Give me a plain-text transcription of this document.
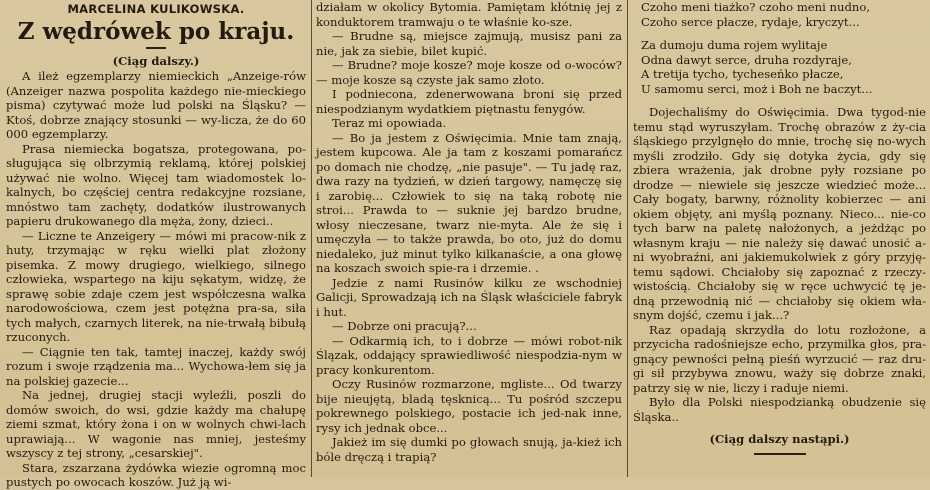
MARCELINA KULIKOWSKA.
Z wędrówek po kraju.
(Ciąg dalszy.)

A ileż egzemplarzy niemieckich „Anzeige-rów (Anzeiger nazwa pospolita każdego nie-mieckiego pisma) czytywać może lud polski na Śląsku? — Ktoś, dobrze znający stosunki — wy-licza, że do 60 000 egzemplarzy.

Prasa niemiecka bogatsza, protegowana, po-sługująca się olbrzymią reklamą, której polskiej używać nie wolno. Więcej tam wiadomostek lo-kalnych, bo częściej centra redakcyjne rozsiane, mnóstwo tam zachęty, dodatków ilustrowanych papieru drukowanego dla męża, żony, dzieci..

— Liczne te Anzeigery — mówi mi pracow-nik z huty, trzymając w ręku wielki plat złożony pisemka. Z mowy drugiego, wielkiego, silnego człowieka, wspartego na kiju sękatym, widzę, że sprawę sobie zdaje czem jest współczesna walka narodowościowa, czem jest potężna pra-sa, siła tych małych, czarnych literek, na nie-trwałą bibułą rzuconych.

— Ciągnie ten tak, tamtej inaczej, każdy swój rozum i swoje rządzenia ma... Wychowa-łem się ja na polskiej gazecie...

Na jednej, drugiej stacji wyleźli, poszli do domów swoich, do wsi, gdzie każdy ma chałupę ziemi szmat, który żona i on w wolnych chwi-lach uprawiają... W wagonie nas mniej, jesteśmy wszyscy z tej strony, „cesarskiej".

Stara, zszarzana żydówka wiezie ogromną moc pustych po owocach koszów. Już ją wi-

działam w okolicy Bytomia. Pamiętam kłótnię jej z konduktorem tramwaju o te właśnie ko-sze.

— Brudne są, miejsce zajmują, musisz pani za nie, jak za siebie, bilet kupić.

— Brudne? moje kosze? moje kosze od o-woców? — moje kosze są czyste jak samo złoto.

I podniecona, zdenerwowana broni się przed niespodzianym wydatkiem piętnastu fenygów.

Teraz mi opowiada.

— Bo ja jestem z Oświęcimia. Mnie tam znają, jestem kupcowa. Ale ja tam z koszami pomarańcz po domach nie chodzę, „nie pasuje". — Tu jadę raz, dwa razy na tydzień, w dzień targowy, namęczę się i zarobię... Człowiek to się na taką robotę nie stroi... Prawda to — suknie jej bardzo brudne, włosy nieczesane, twarz nie-myta. Ale że się i umęczyła — to także prawda, bo oto, już do domu niedaleko, już minut tylko kilkanaście, a ona głowę na koszach swoich spie-ra i drzemie. .

Jedzie z nami Rusinów kilku ze wschodniej Galicji, Sprowadzają ich na Śląsk właściciele fabryk i hut.

— Dobrze oni pracują?...

— Odkarmią ich, to i dobrze — mówi robot-nik Ślązak, oddający sprawiedliwość niespodzia-nym w pracy konkurentom.

Oczy Rusinów rozmarzone, mgliste... Od twarzy bije nieujętą, bladą tęsknicą... Tu pośród szczepu pokrewnego polskiego, postacie ich jed-nak inne, rysy ich jednak obce...

Jakież im się dumki po głowach snują, ja-kież ich bóle dręczą i trapią?

Czoho meni tiażko? czoho meni nudno,
Czoho serce płacze, rydaje, kryczyt...
Za dumoju duma rojem wylitaje
Odna dawyt serce, druha rozdyraje,
A tretija tycho, tycheseńko płacze,
U samomu serci, moż i Boh ne baczyt...

Dojechaliśmy do Oświęcimia. Dwa tygod-nie temu stąd wyruszyłam. Trochę obrazów z ży-cia śląskiego przylgnęło do mnie, trochę się no-wych myśli zrodziło. Gdy się dotyka życia, gdy się zbiera wrażenia, jak drobne pyły rozsiane po drodze — niewiele się jeszcze wiedzieć może... Cały bogaty, barwny, różnolity kobierzec — ani okiem objęty, ani myślą poznany. Nieco... nie-co tych barw na paletę nałożonych, a jeżdżąc po własnym kraju — nie należy się dawać unosić a-ni wyobraźni, ani jakiemukolwiek z góry przyję-temu sądowi. Chciałoby się zapoznać z rzeczy-wistością. Chciałoby się w ręce uchwycić tę je-dną przewodnią nić — chciałoby się okiem wła-snym dojść, czemu i jak...?

Raz opadają skrzydła do lotu rozłożone, a przycicha radośniejsze echo, przymilka głos, pra-gnący pewności pełną pieśń wyrzucić — raz dru-gi sił przybywa znowu, waży się dobrze znaki, patrzy się w nie, liczy i raduje niemi.

Było dla Polski niespodzianką obudzenie się Śląska..

(Ciąg dalszy nastąpi.)
